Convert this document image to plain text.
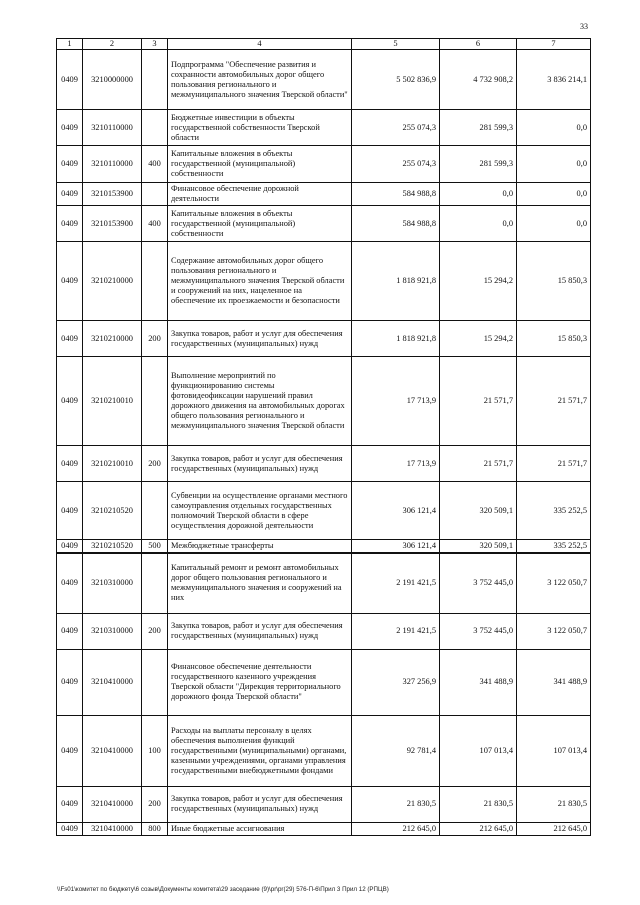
33
1	2	3	4	5	6	7
0409	3210000000		Подпрограмма "Обеспечение развития и сохранности автомобильных дорог общего пользования регионального и межмуниципального значения Тверской области"	5 502 836,9	4 732 908,2	3 836 214,1
0409	3210110000		Бюджетные инвестиции в объекты государственной собственности Тверской области	255 074,3	281 599,3	0,0
0409	3210110000	400	Капитальные вложения в объекты государственной (муниципальной) собственности	255 074,3	281 599,3	0,0
0409	3210153900		Финансовое обеспечение дорожной деятельности	584 988,8	0,0	0,0
0409	3210153900	400	Капитальные вложения в объекты государственной (муниципальной) собственности	584 988,8	0,0	0,0
0409	3210210000		Содержание автомобильных дорог общего пользования регионального и межмуниципального значения Тверской области и сооружений на них, нацеленное на обеспечение их проезжаемости и безопасности	1 818 921,8	15 294,2	15 850,3
0409	3210210000	200	Закупка товаров, работ и услуг для обеспечения государственных (муниципальных) нужд	1 818 921,8	15 294,2	15 850,3
0409	3210210010		Выполнение мероприятий по функционированию системы фотовидеофиксации нарушений правил дорожного движения на автомобильных дорогах общего пользования регионального и межмуниципального значения Тверской области	17 713,9	21 571,7	21 571,7
0409	3210210010	200	Закупка товаров, работ и услуг для обеспечения государственных (муниципальных) нужд	17 713,9	21 571,7	21 571,7
0409	3210210520		Субвенции на осуществление органами местного самоуправления отдельных государственных полномочий Тверской области в сфере осуществления дорожной деятельности	306 121,4	320 509,1	335 252,5
0409	3210210520	500	Межбюджетные трансферты	306 121,4	320 509,1	335 252,5
0409	3210310000		Капитальный ремонт и ремонт автомобильных дорог общего пользования регионального и межмуниципального значения и сооружений на них	2 191 421,5	3 752 445,0	3 122 050,7
0409	3210310000	200	Закупка товаров, работ и услуг для обеспечения государственных (муниципальных) нужд	2 191 421,5	3 752 445,0	3 122 050,7
0409	3210410000		Финансовое обеспечение деятельности государственного казенного учреждения Тверской области "Дирекция территориального дорожного фонда Тверской области"	327 256,9	341 488,9	341 488,9
0409	3210410000	100	Расходы на выплаты персоналу в целях обеспечения выполнения функций государственными (муниципальными) органами, казенными учреждениями, органами управления государственными внебюджетными фондами	92 781,4	107 013,4	107 013,4
0409	3210410000	200	Закупка товаров, работ и услуг для обеспечения государственных (муниципальных) нужд	21 830,5	21 830,5	21 830,5
0409	3210410000	800	Иные бюджетные ассигнования	212 645,0	212 645,0	212 645,0
\\Fs01\комитет по бюджету\6 созыв\Документы комитета\29 заседание (9)\pr\pr(29) 576-П-6\Прил 3 Прил 12 (РПЦВ)
